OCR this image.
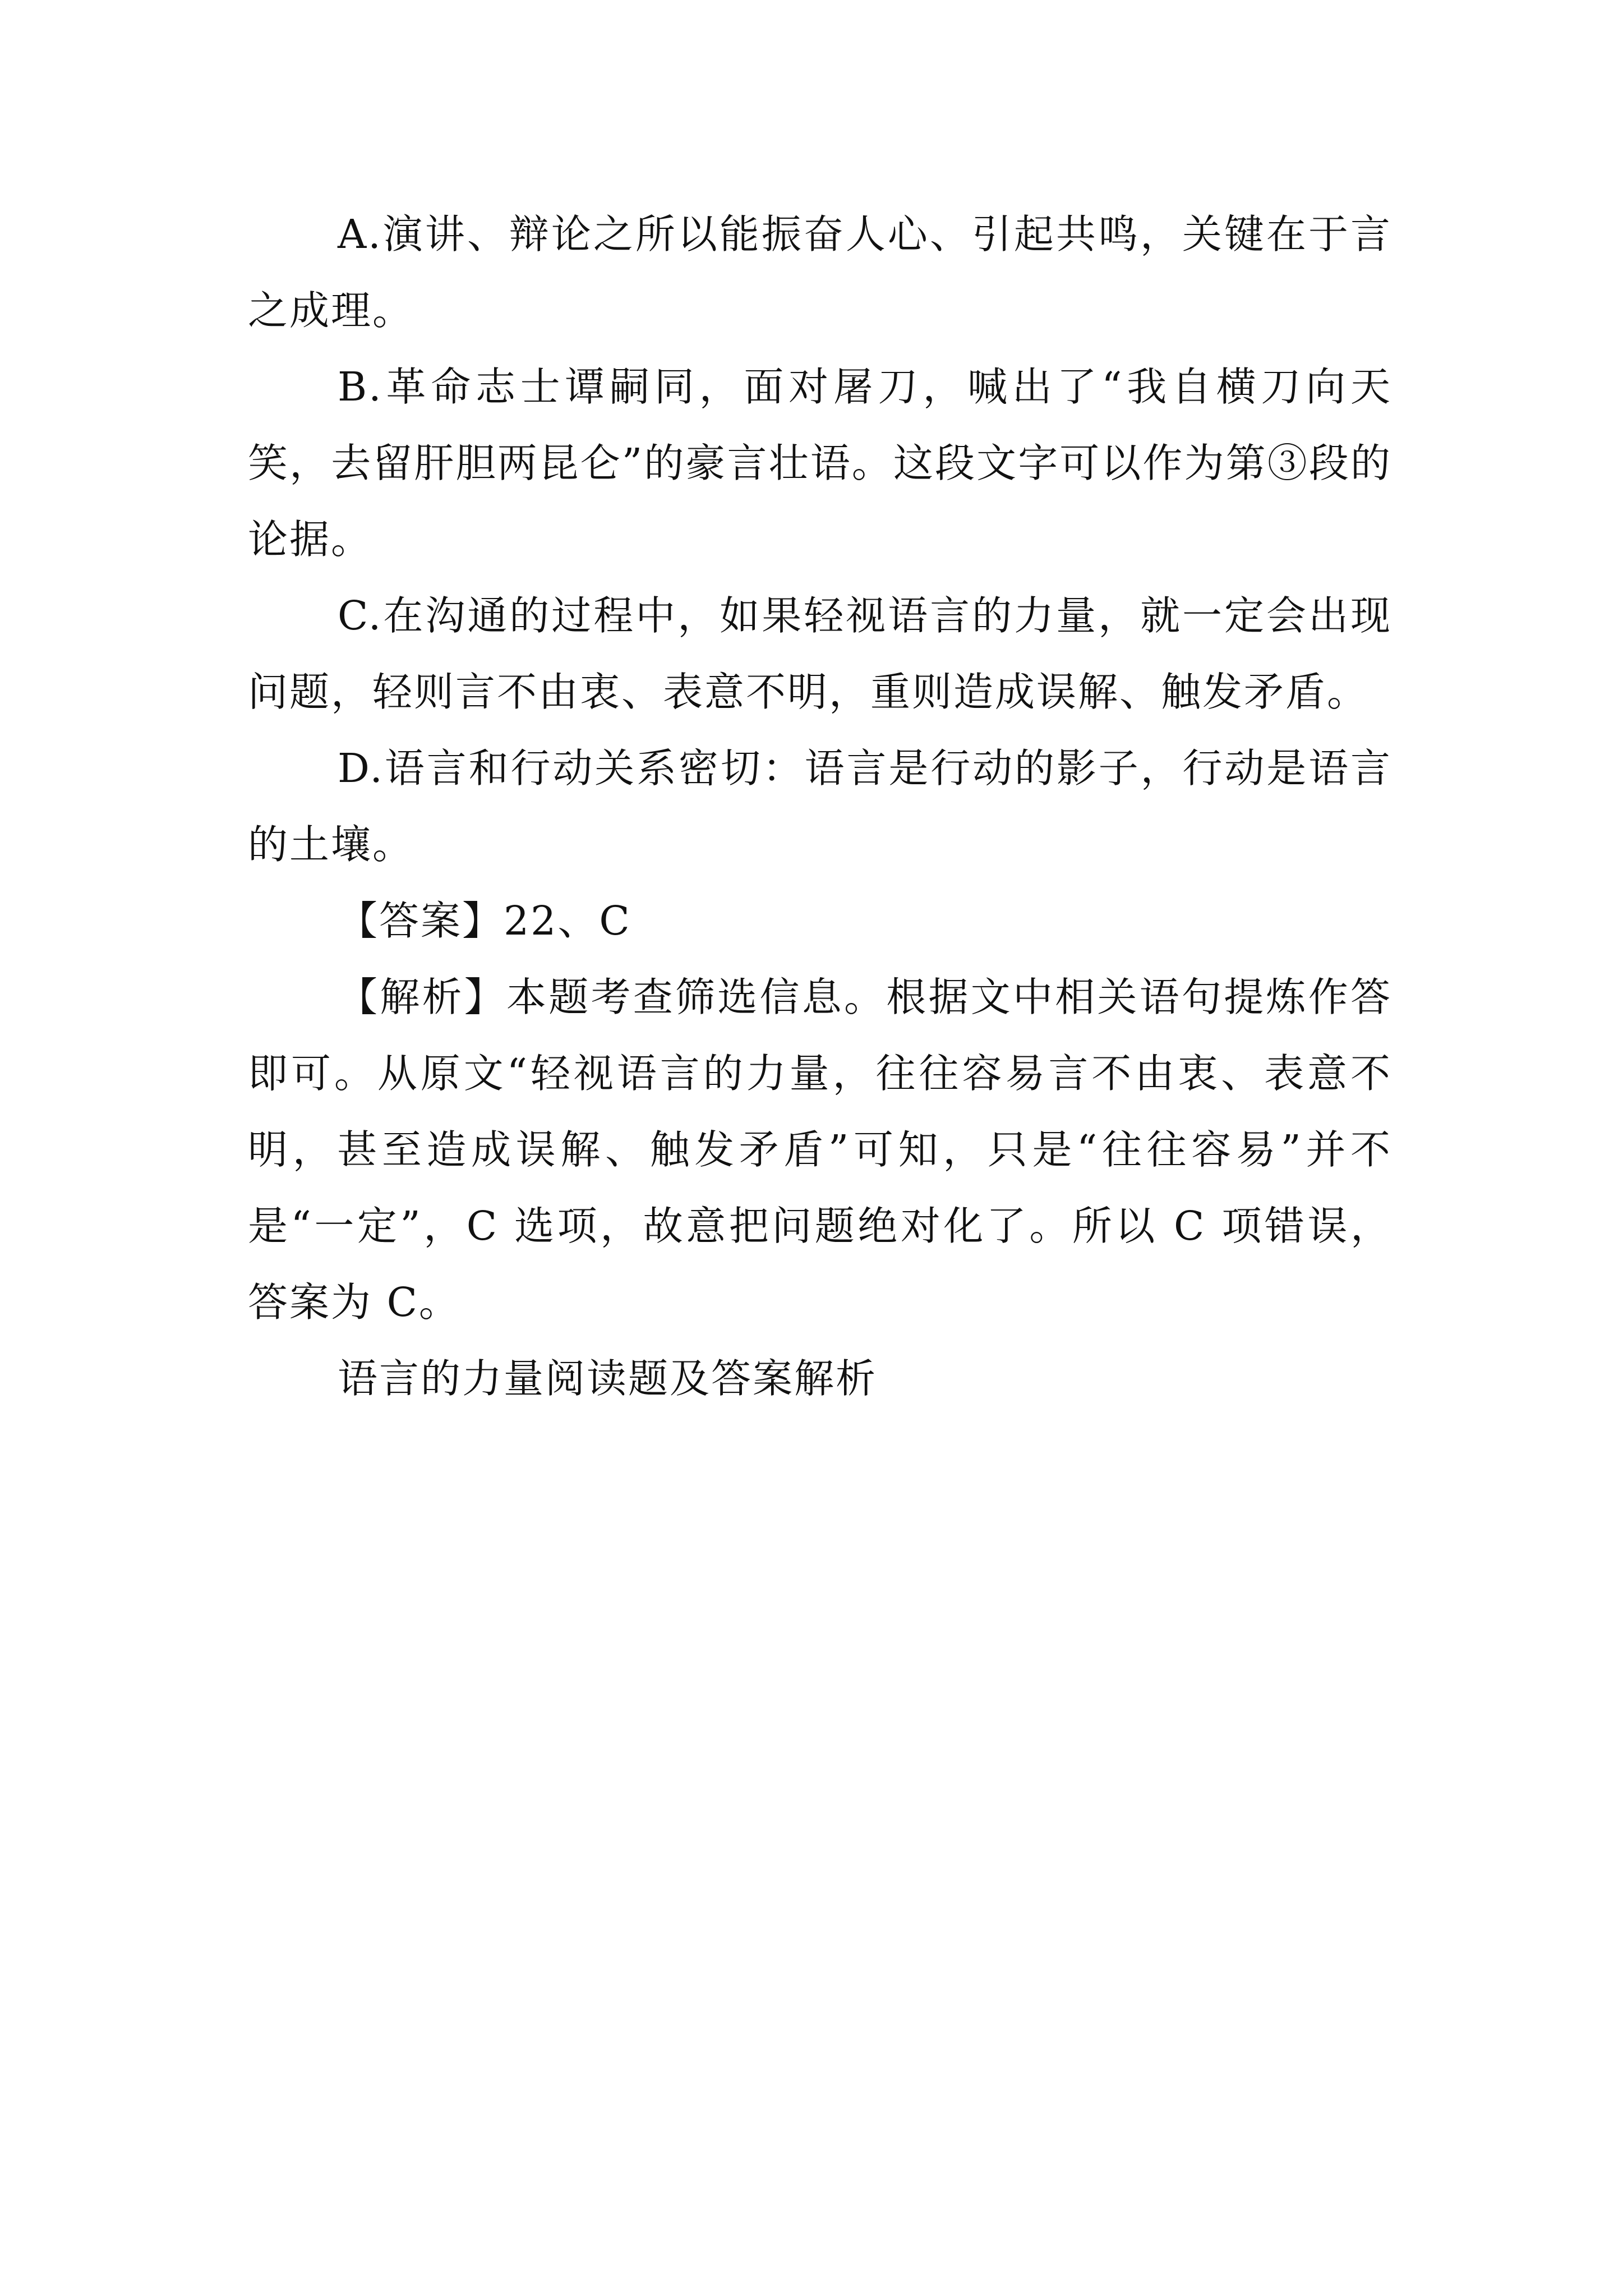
A.演讲、辩论之所以能振奋人心、引起共鸣，关键在于言之成理。

B.革命志士谭嗣同，面对屠刀，喊出了“我自横刀向天笑，去留肝胆两昆仑”的豪言壮语。这段文字可以作为第③段的论据。

C.在沟通的过程中，如果轻视语言的力量，就一定会出现问题，轻则言不由衷、表意不明，重则造成误解、触发矛盾。

D.语言和行动关系密切：语言是行动的影子，行动是语言的土壤。

【答案】22、C

【解析】本题考查筛选信息。根据文中相关语句提炼作答即可。从原文“轻视语言的力量，往往容易言不由衷、表意不明，甚至造成误解、触发矛盾”可知，只是“往往容易”并不是“一定”，C 选项，故意把问题绝对化了。所以 C 项错误，答案为 C。

语言的力量阅读题及答案解析
